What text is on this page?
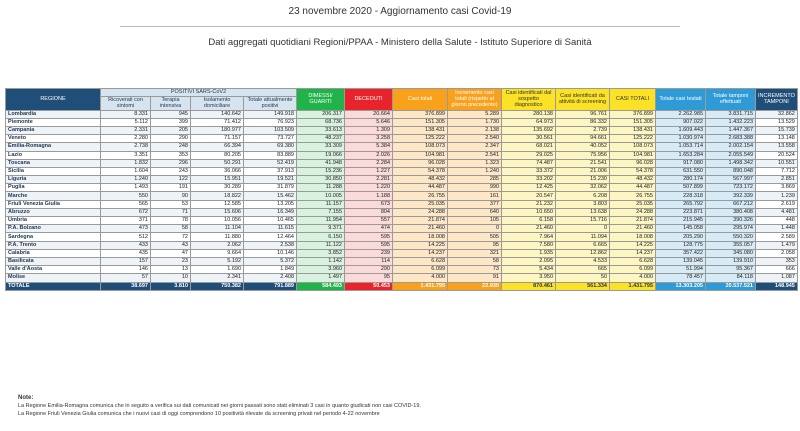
23 novembre 2020 - Aggiornamento casi Covid-19
Dati aggregati quotidiani Regioni/PPAA - Ministero della Salute - Istituto Superiore di Sanità
REGIONE	POSITIVI SARS-CoV2				DIMESSI/ GUARITI	DECEDUTI	Casi totali	Incremento casi totali (rispetto al giorno precedente)	Casi identificati dal sospetto diagnostico	Casi identificati da attività di screening	CASI TOTALI	Totale casi testati	Totale tamponi effettuati	INCREMENTO TAMPONI
	Ricoverati con sintomi	Terapia intensiva	Isolamento domiciliare	Totale attualmente positivi										
Lombardia	8.331	945	140.642	149.918	206.317	20.664	376.899	5.289	280.138	96.761	376.899	2.262.985	3.831.715	32.862
Piemonte	5.112	399	71.412	76.923	68.736	5.646	151.305	1.730	64.973	86.332	151.305	907.022	1.432.223	13.529
Campania	2.331	205	180.977	103.509	33.613	1.309	138.431	2.138	135.692	2.739	138.431	1.609.443	1.447.367	15.739
Veneto	2.280	290	71.157	73.727	48.237	3.258	125.222	2.540	30.561	94.661	125.222	1.030.974	2.683.388	13.148
Emilia-Romagna	2.738	248	66.394	69.380	33.309	5.384	108.073	2.347	68.021	40.052	108.073	1.053.714	2.002.154	13.558
Lazio	3.351	353	80.205	83.889	19.066	2.026	104.981	2.541	29.025	75.956	104.981	1.653.284	2.055.549	20.524
Toscana	1.832	296	50.291	52.419	41.948	2.284	96.028	1.323	74.487	21.541	96.028	917.080	1.498.342	10.551
Sicilia	1.604	243	36.066	37.913	15.236	1.227	54.378	1.240	33.372	21.006	54.378	631.550	890.048	7.712
Liguria	1.240	122	15.951	19.521	30.850	2.281	48.432	285	33.202	15.230	48.432	280.174	567.997	2.851
Puglia	1.493	191	30.289	31.879	11.288	1.220	44.487	990	12.425	32.062	44.487	507.899	723.172	3.869
Marche	550	90	18.822	15.462	10.005	1.188	26.755	161	20.547	6.208	26.755	228.318	392.339	1.239
Friuli Venezia Giulia	565	53	12.585	13.205	11.157	673	25.035	377	21.232	3.803	25.035	265.792	667.212	2.619
Abruzzo	672	71	15.606	16.349	7.155	804	24.288	640	10.650	13.638	24.288	223.871	380.408	4.481
Umbria	371	78	10.056	10.465	11.954	557	21.874	105	6.158	15.716	21.874	215.945	390.326	448
P.A. Bolzano	473	58	11.104	11.615	9.371	474	21.460	0	21.460	0	21.460	145.058	295.974	1.448
Sardegna	512	72	11.880	12.464	6.150	595	18.008	505	7.964	11.094	18.008	205.290	550.320	2.589
P.A. Trento	433	43	2.062	2.538	11.122	595	14.225	95	7.580	6.665	14.225	128.775	355.057	1.479
Calabria	435	47	9.664	10.146	3.852	239	14.237	321	1.935	12.862	14.237	357.422	345.080	2.058
Basilicata	157	23	5.192	5.372	1.142	114	6.628	58	2.095	4.533	6.628	139.045	139.910	353
Valle d'Aosta	146	13	1.690	1.849	3.960	290	6.099	73	5.434	665	6.099	51.994	95.367	666
Molise	57	10	2.341	2.408	1.497	95	4.000	91	3.950	50	4.000	78.457	84.118	1.087
TOTALE	38.697	3.810	750.382	791.889	584.493	50.453	1.431.795	22.930	870.461	561.334	1.431.795	13.303.205	20.537.521	148.945
Note:
La Regione Emilia-Romagna comunica che in seguito a verifica sui dati comunicati nei giorni passati sono stati eliminati 3 casi in quanto giudicati non casi COVID-19.
La Regione Friuli Venezia Giulia comunica che i nuovi casi di oggi comprendono 10 positività rilevate da screening privati nel periodo 4-22 novembre
